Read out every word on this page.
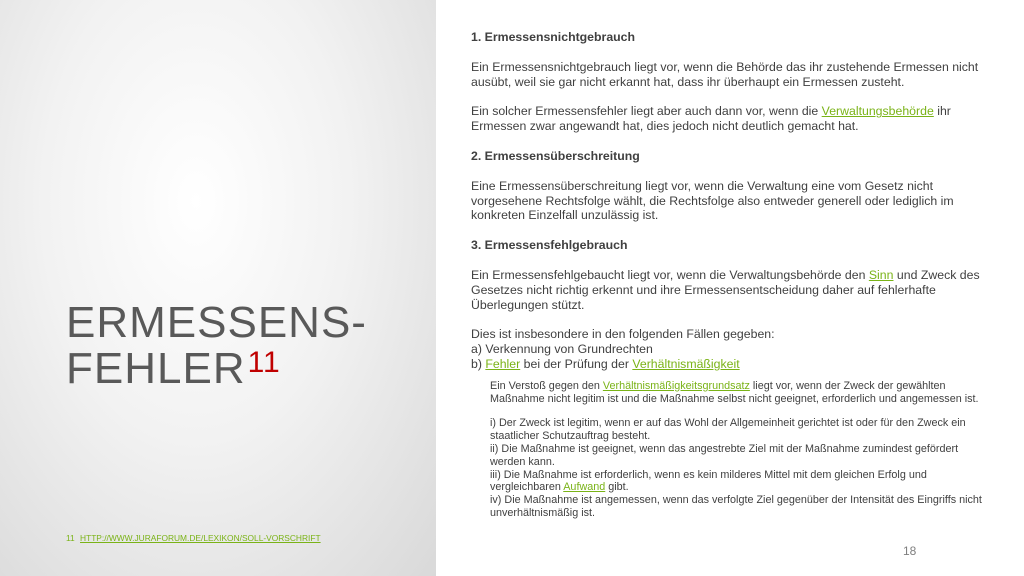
ERMESSENS-
FEHLER$^{11}$
11 HTTP://WWW.JURAFORUM.DE/LEXIKON/SOLL-VORSCHRIFT

1. Ermessensnichtgebrauch

Ein Ermessensnichtgebrauch liegt vor, wenn die Behörde das ihr zustehende Ermessen nicht ausübt, weil sie gar nicht erkannt hat, dass ihr überhaupt ein Ermessen zusteht.

Ein solcher Ermessensfehler liegt aber auch dann vor, wenn die Verwaltungsbehörde ihr Ermessen zwar angewandt hat, dies jedoch nicht deutlich gemacht hat.

2. Ermessensüberschreitung

Eine Ermessensüberschreitung liegt vor, wenn die Verwaltung eine vom Gesetz nicht vorgesehene Rechtsfolge wählt, die Rechtsfolge also entweder generell oder lediglich im konkreten Einzelfall unzulässig ist.

3. Ermessensfehlgebrauch

Ein Ermessensfehlgebaucht liegt vor, wenn die Verwaltungsbehörde den Sinn und Zweck des Gesetzes nicht richtig erkennt und ihre Ermessensentscheidung daher auf fehlerhafte Überlegungen stützt.

Dies ist insbesondere in den folgenden Fällen gegeben:

a) Verkennung von Grundrechten

b) Fehler bei der Prüfung der Verhältnismäßigkeit

Ein Verstoß gegen den Verhältnismäßigkeitsgrundsatz liegt vor, wenn der Zweck der gewählten Maßnahme nicht legitim ist und die Maßnahme selbst nicht geeignet, erforderlich und angemessen ist.

i) Der Zweck ist legitim, wenn er auf das Wohl der Allgemeinheit gerichtet ist oder für den Zweck ein staatlicher Schutzauftrag besteht.

ii) Die Maßnahme ist geeignet, wenn das angestrebte Ziel mit der Maßnahme zumindest gefördert werden kann.

iii) Die Maßnahme ist erforderlich, wenn es kein milderes Mittel mit dem gleichen Erfolg und vergleichbaren Aufwand gibt.

iv) Die Maßnahme ist angemessen, wenn das verfolgte Ziel gegenüber der Intensität des Eingriffs nicht unverhältnismäßig ist.

18
